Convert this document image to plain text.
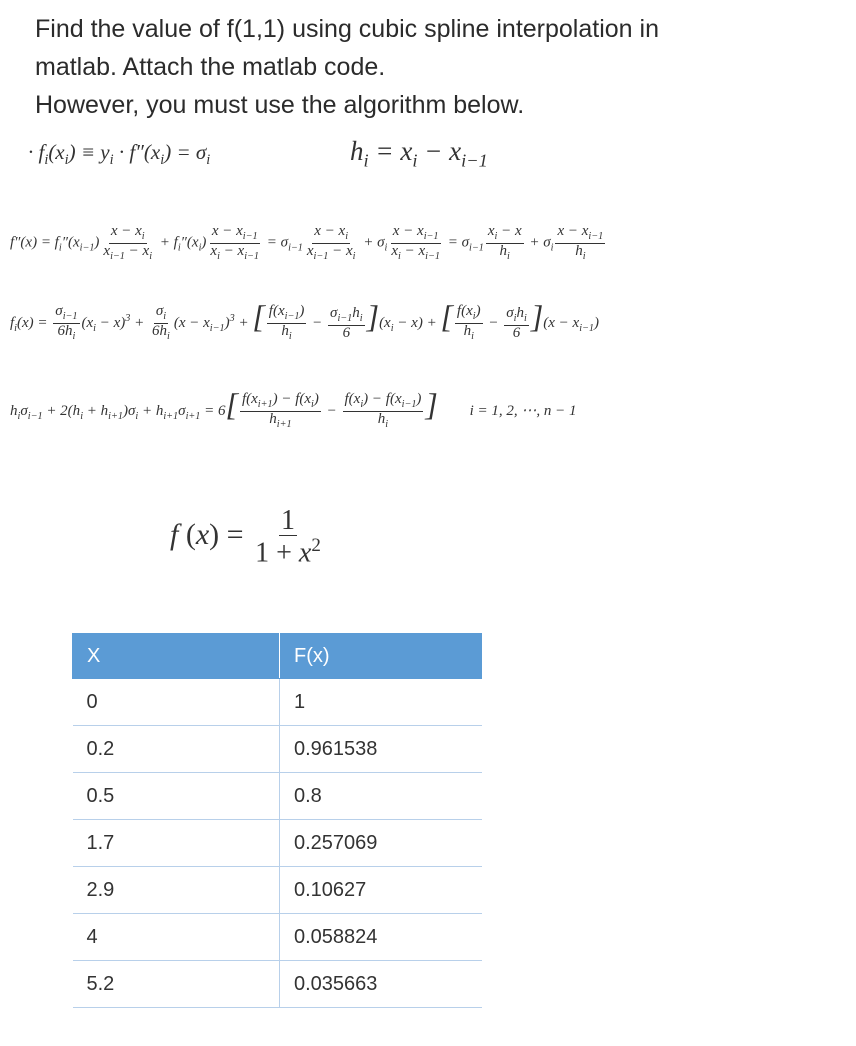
Find the value of f(1,1) using cubic spline interpolation in

matlab. Attach the matlab code.

However, you must use the algorithm below.

· $f_i(x_i) \equiv y_i \cdot f''(x_i) = \sigma_i$	$h_i = x_i - x_{i-1}$
$f''(x) = f_i''(x_{i-1}) \frac{x - x_i}{x_{i-1} - x_i} + f_i''(x_i) \frac{x - x_{i-1}}{x_i - x_{i-1}} = \sigma_{i-1} \frac{x - x_i}{x_{i-1} - x_i} + \sigma_i \frac{x - x_{i-1}}{x_i - x_{i-1}} = \sigma_{i-1} \frac{x_i - x}{h_i} + \sigma_i \frac{x - x_{i-1}}{h_i}$
$f_i(x) = \frac{\sigma_{i-1}}{6h_i} (x_i - x)^3 + \frac{\sigma_i}{6h_i} (x - x_{i-1})^3$ + [ $\frac{f(x_{i-1})}{h_i} - \frac{\sigma_{i-1}h_i}{6} ](x_i - x)$ + [ $\frac{f(x_i)}{h_i} - \frac{\sigma_ih_i}{6} ](x - x_{i-1})$
$h_i\sigma_{i-1} + 2(h_i + h_{i+1})\sigma_i + h_{i+1}\sigma_{i+1} = 6[ \frac{f(x_{i+1}) - f(x_i)}{h_{i+1}} - \frac{f(x_i) - f(x_{i-1})}{h_i}$ ] i = 1, 2, ⋯, n − 1
f $(x) = \frac{1}{1 + x^2}$
X	F(x)
0	1
0.2	0.961538
0.5	0.8
1.7	0.257069
2.9	0.10627
4	0.058824
5.2	0.035663
